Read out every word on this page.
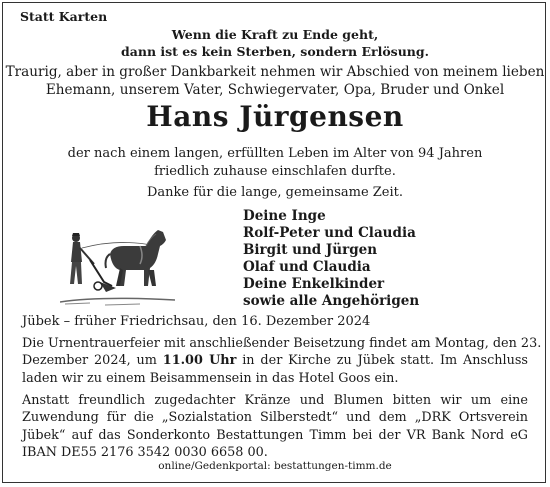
Statt Karten
Wenn die Kraft zu Ende geht,
dann ist es kein Sterben, sondern Erlösung.
Traurig, aber in großer Dankbarkeit nehmen wir Abschied von meinem lieben
Ehemann, unserem Vater, Schwiegervater, Opa, Bruder und Onkel
Hans Jürgensen
der nach einem langen, erfüllten Leben im Alter von 94 Jahren
friedlich zuhause einschlafen durfte.
Danke für die lange, gemeinsame Zeit.
Deine Inge
Rolf-Peter und Claudia
Birgit und Jürgen
Olaf und Claudia
Deine Enkelkinder
sowie alle Angehörigen
Jübek – früher Friedrichsau, den 16. Dezember 2024
Die Urnentrauerfeier mit anschließender Beisetzung findet am Montag, den 23.
Dezember 2024, um 11.00 Uhr in der Kirche zu Jübek statt. Im Anschluss
laden wir zu einem Beisammensein in das Hotel Goos ein.
Anstatt freundlich zugedachter Kränze und Blumen bitten wir um eine
Zuwendung für die „Sozialstation Silberstedt“ und dem „DRK Ortsverein
Jübek“ auf das Sonderkonto Bestattungen Timm bei der VR Bank Nord eG
IBAN DE55 2176 3542 0030 6658 00.
online/Gedenkportal: bestattungen-timm.de
